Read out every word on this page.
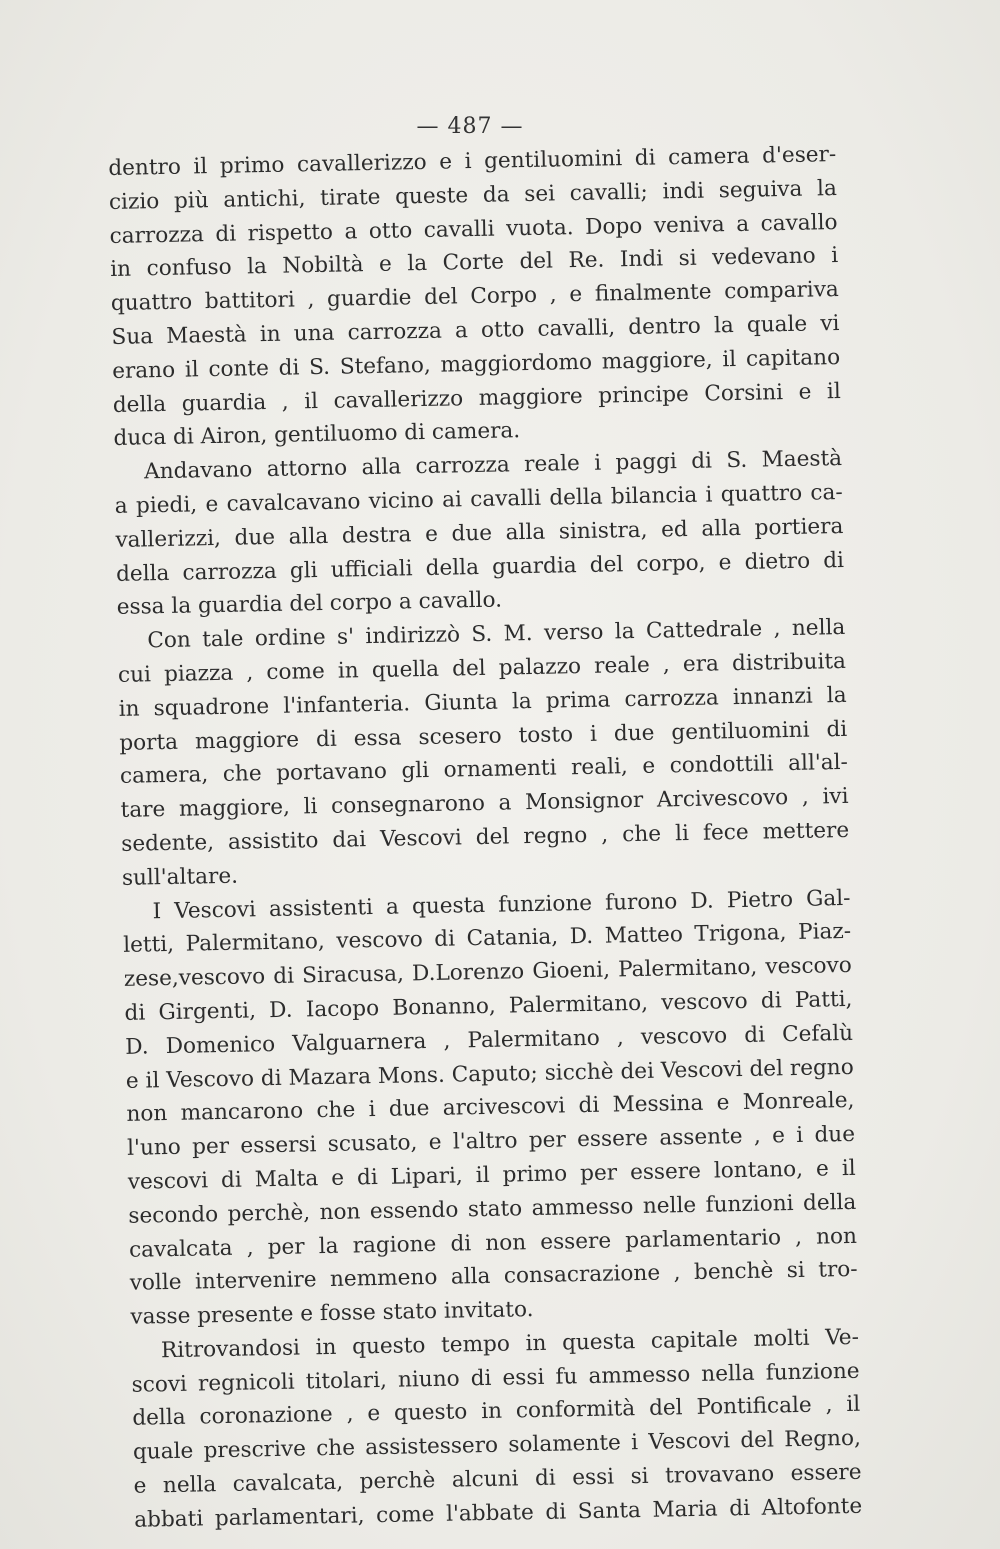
— 487 —
dentro il primo cavallerizzo e i gentiluomini di camera d'eser-
cizio più antichi, tirate queste da sei cavalli; indi seguiva la
carrozza di rispetto a otto cavalli vuota. Dopo veniva a cavallo
in confuso la Nobiltà e la Corte del Re. Indi si vedevano i
quattro battitori , guardie del Corpo , e finalmente compariva
Sua Maestà in una carrozza a otto cavalli, dentro la quale vi
erano il conte di S. Stefano, maggiordomo maggiore, il capitano
della guardia , il cavallerizzo maggiore principe Corsini e il
duca di Airon, gentiluomo di camera.
Andavano attorno alla carrozza reale i paggi di S. Maestà
a piedi, e cavalcavano vicino ai cavalli della bilancia i quattro ca-
vallerizzi, due alla destra e due alla sinistra, ed alla portiera
della carrozza gli ufficiali della guardia del corpo, e dietro di
essa la guardia del corpo a cavallo.
Con tale ordine s' indirizzò S. M. verso la Cattedrale , nella
cui piazza , come in quella del palazzo reale , era distribuita
in squadrone l'infanteria. Giunta la prima carrozza innanzi la
porta maggiore di essa scesero tosto i due gentiluomini di
camera, che portavano gli ornamenti reali, e condottili all'al-
tare maggiore, li consegnarono a Monsignor Arcivescovo , ivi
sedente, assistito dai Vescovi del regno , che li fece mettere
sull'altare.
I Vescovi assistenti a questa funzione furono D. Pietro Gal-
letti, Palermitano, vescovo di Catania, D. Matteo Trigona, Piaz-
zese,vescovo di Siracusa, D.Lorenzo Gioeni, Palermitano, vescovo
di Girgenti, D. Iacopo Bonanno, Palermitano, vescovo di Patti,
D. Domenico Valguarnera , Palermitano , vescovo di Cefalù
e il Vescovo di Mazara Mons. Caputo; sicchè dei Vescovi del regno
non mancarono che i due arcivescovi di Messina e Monreale,
l'uno per essersi scusato, e l'altro per essere assente , e i due
vescovi di Malta e di Lipari, il primo per essere lontano, e il
secondo perchè, non essendo stato ammesso nelle funzioni della
cavalcata , per la ragione di non essere parlamentario , non
volle intervenire nemmeno alla consacrazione , benchè si tro-
vasse presente e fosse stato invitato.
Ritrovandosi in questo tempo in questa capitale molti Ve-
scovi regnicoli titolari, niuno di essi fu ammesso nella funzione
della coronazione , e questo in conformità del Pontificale , il
quale prescrive che assistessero solamente i Vescovi del Regno,
e nella cavalcata, perchè alcuni di essi si trovavano essere
abbati parlamentari, come l'abbate di Santa Maria di Altofonte
